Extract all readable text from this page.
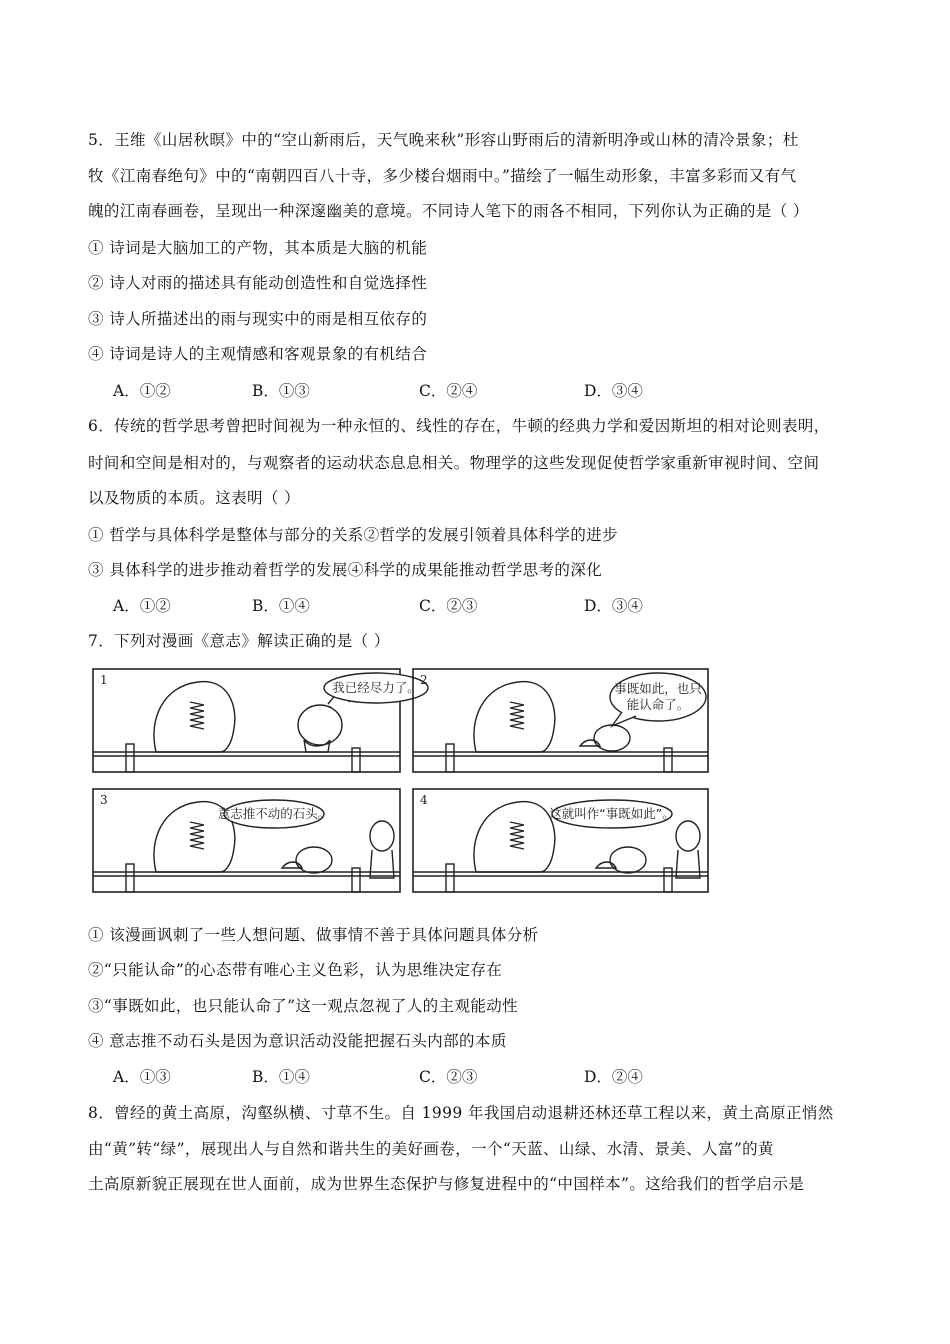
5．王维《山居秋暝》中的“空山新雨后，天气晚来秋”形容山野雨后的清新明净或山林的清冷景象；杜
牧《江南春绝句》中的“南朝四百八十寺，多少楼台烟雨中。”描绘了一幅生动形象，丰富多彩而又有气
魄的江南春画卷，呈现出一种深邃幽美的意境。不同诗人笔下的雨各不相同，下列你认为正确的是（ ）
① 诗词是大脑加工的产物，其本质是大脑的机能
② 诗人对雨的描述具有能动创造性和自觉选择性
③ 诗人所描述出的雨与现实中的雨是相互依存的
④ 诗词是诗人的主观情感和客观景象的有机结合
A．①②	B．①③	C．②④	D．③④
6．传统的哲学思考曾把时间视为一种永恒的、线性的存在，牛顿的经典力学和爱因斯坦的相对论则表明，
时间和空间是相对的，与观察者的运动状态息息相关。物理学的这些发现促使哲学家重新审视时间、空间
以及物质的本质。这表明（ ）
① 哲学与具体科学是整体与部分的关系②哲学的发展引领着具体科学的进步
③ 具体科学的进步推动着哲学的发展④科学的成果能推动哲学思考的深化
A．①②	B．①④	C．②③	D．③④
7．下列对漫画《意志》解读正确的是（ ）
1	我已经尽力了。 2
事既如此，也只
能认命了。
3
意志推不动的石头。
4
这就叫作“事既如此”。
① 该漫画讽刺了一些人想问题、做事情不善于具体问题具体分析
②“只能认命”的心态带有唯心主义色彩，认为思维决定存在
③“事既如此，也只能认命了”这一观点忽视了人的主观能动性
④ 意志推不动石头是因为意识活动没能把握石头内部的本质
A．①③	B．①④	C．②③	D．②④
8．曾经的黄土高原，沟壑纵横、寸草不生。自 1999 年我国启动退耕还林还草工程以来，黄土高原正悄然
由“黄”转“绿”，展现出人与自然和谐共生的美好画卷，一个“天蓝、山绿、水清、景美、人富”的黄
土高原新貌正展现在世人面前，成为世界生态保护与修复进程中的“中国样本”。这给我们的哲学启示是
